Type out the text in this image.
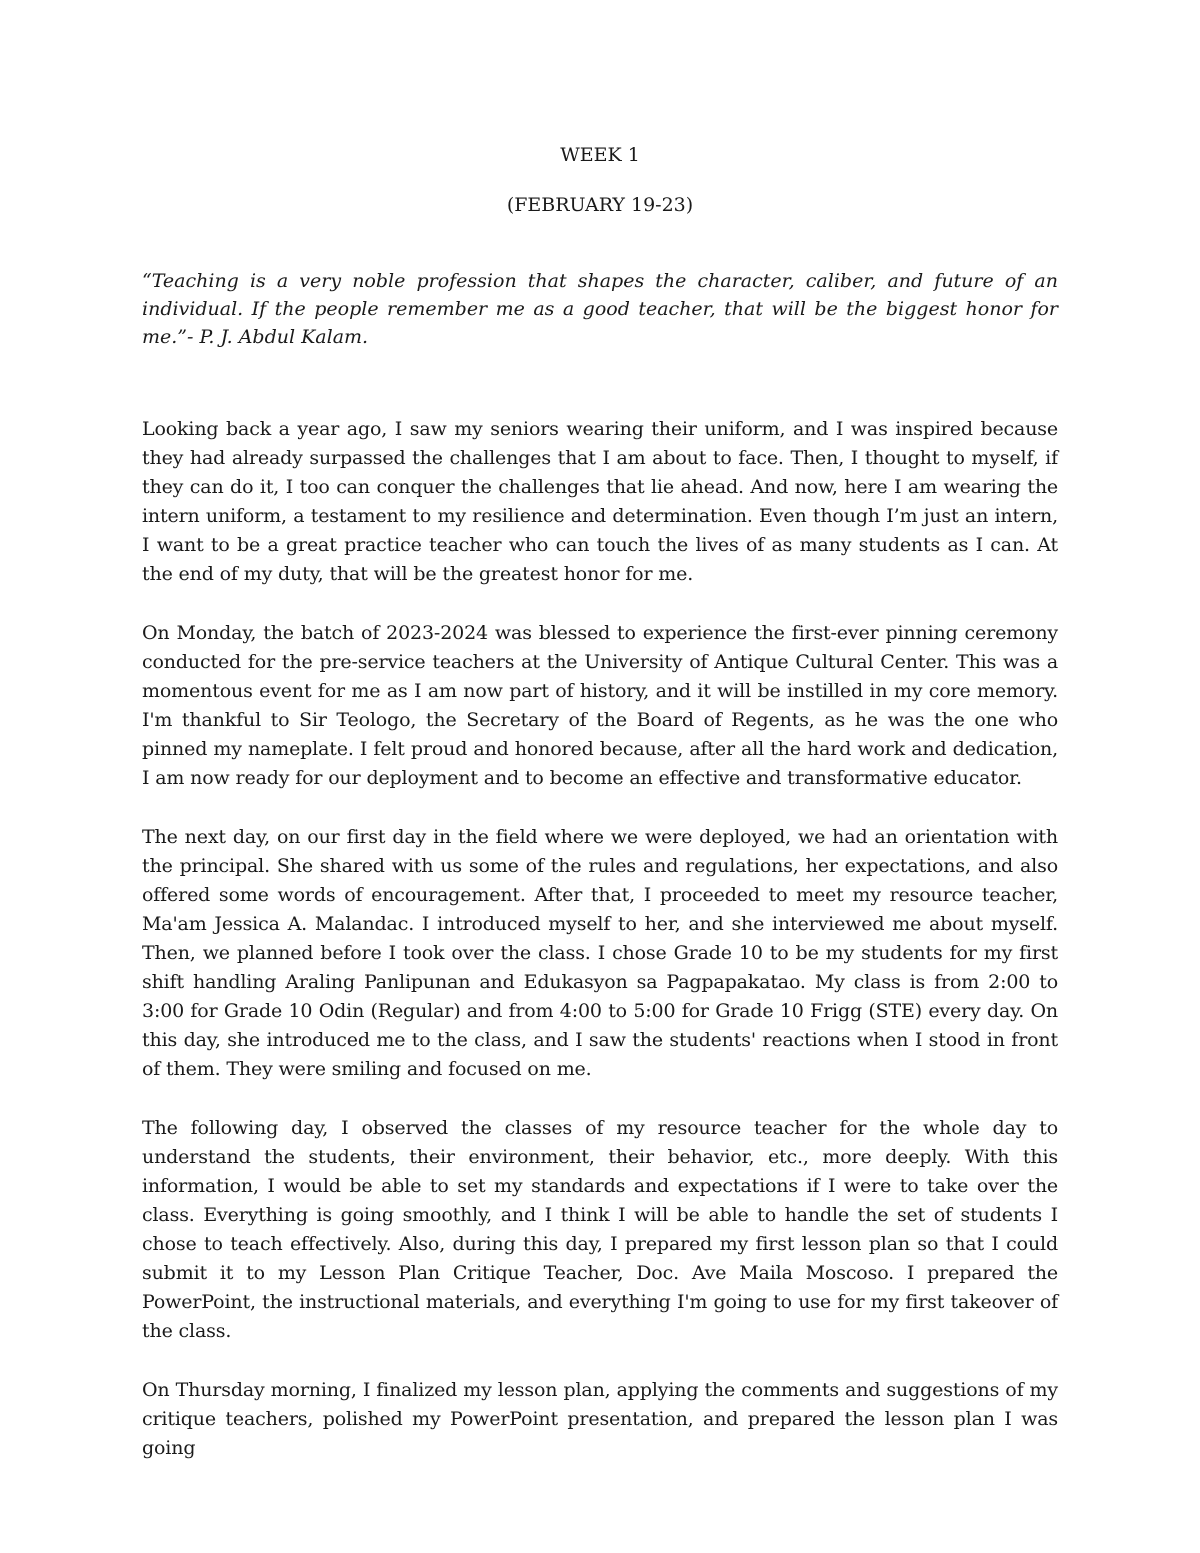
WEEK 1

(FEBRUARY 19-23)

“Teaching is a very noble profession that shapes the character, caliber, and future of an individual. If the people remember me as a good teacher, that will be the biggest honor for me.”- P. J. Abdul Kalam.

Looking back a year ago, I saw my seniors wearing their uniform, and I was inspired because they had already surpassed the challenges that I am about to face. Then, I thought to myself, if they can do it, I too can conquer the challenges that lie ahead. And now, here I am wearing the intern uniform, a testament to my resilience and determination. Even though I’m just an intern, I want to be a great practice teacher who can touch the lives of as many students as I can. At the end of my duty, that will be the greatest honor for me.

On Monday, the batch of 2023-2024 was blessed to experience the first-ever pinning ceremony conducted for the pre-service teachers at the University of Antique Cultural Center. This was a momentous event for me as I am now part of history, and it will be instilled in my core memory. I'm thankful to Sir Teologo, the Secretary of the Board of Regents, as he was the one who pinned my nameplate. I felt proud and honored because, after all the hard work and dedication, I am now ready for our deployment and to become an effective and transformative educator.

The next day, on our first day in the field where we were deployed, we had an orientation with the principal. She shared with us some of the rules and regulations, her expectations, and also offered some words of encouragement. After that, I proceeded to meet my resource teacher, Ma'am Jessica A. Malandac. I introduced myself to her, and she interviewed me about myself. Then, we planned before I took over the class. I chose Grade 10 to be my students for my first shift handling Araling Panlipunan and Edukasyon sa Pagpapakatao. My class is from 2:00 to 3:00 for Grade 10 Odin (Regular) and from 4:00 to 5:00 for Grade 10 Frigg (STE) every day. On this day, she introduced me to the class, and I saw the students' reactions when I stood in front of them. They were smiling and focused on me.

The following day, I observed the classes of my resource teacher for the whole day to understand the students, their environment, their behavior, etc., more deeply. With this information, I would be able to set my standards and expectations if I were to take over the class. Everything is going smoothly, and I think I will be able to handle the set of students I chose to teach effectively. Also, during this day, I prepared my first lesson plan so that I could submit it to my Lesson Plan Critique Teacher, Doc. Ave Maila Moscoso. I prepared the PowerPoint, the instructional materials, and everything I'm going to use for my first takeover of the class.

On Thursday morning, I finalized my lesson plan, applying the comments and suggestions of my critique teachers, polished my PowerPoint presentation, and prepared the lesson plan I was going
